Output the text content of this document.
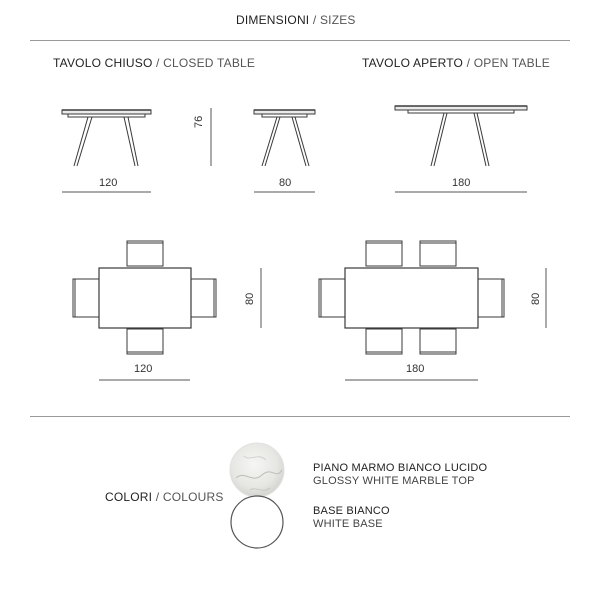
DIMENSIONI / SIZES
TAVOLO CHIUSO / CLOSED TABLE	TAVOLO APERTO / OPEN TABLE
76
120	80	180
80
120
80
180
COLORI / COLOURS
PIANO MARMO BIANCO LUCIDO
GLOSSY WHITE MARBLE TOP
BASE BIANCO
WHITE BASE
